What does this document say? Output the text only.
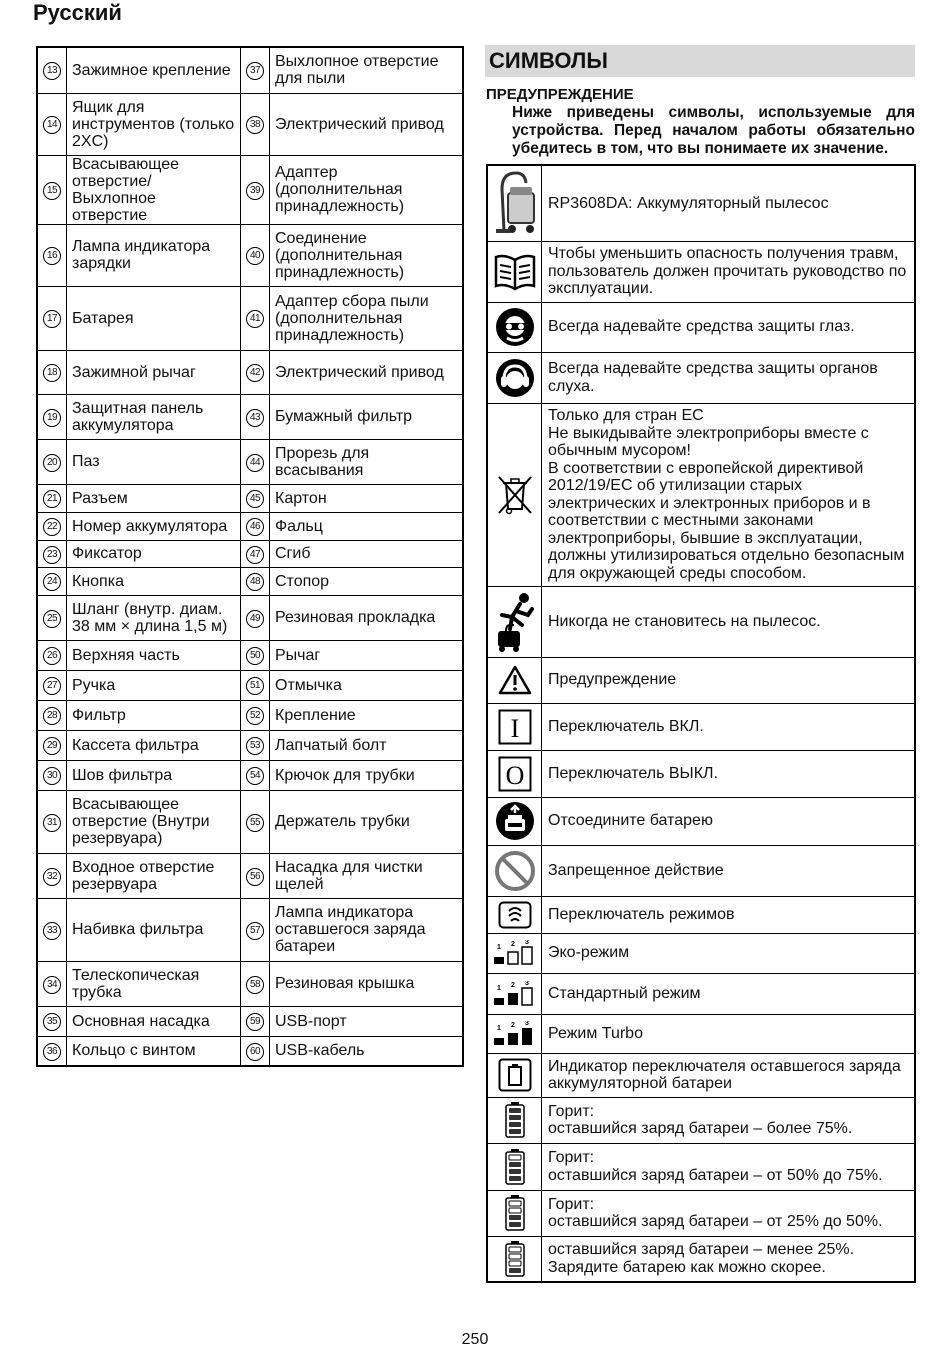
Русский
13	Зажимное крепление	37	Выхлопное отверстие для пыли
14	Ящик для инструментов (только 2XC)	38	Электрический привод
15	Всасывающее отверстие/ Выхлопное отверстие	39	Адаптер (дополнительная принадлежность)
16	Лампа индикатора зарядки	40	Соединение (дополнительная принадлежность)
17	Батарея	41	Адаптер сбора пыли (дополнительная принадлежность)
18	Зажимной рычаг	42	Электрический привод
19	Защитная панель аккумулятора	43	Бумажный фильтр
20	Паз	44	Прорезь для всасывания
21	Разъем	45	Картон
22	Номер аккумулятора	46	Фальц
23	Фиксатор	47	Сгиб
24	Кнопка	48	Стопор
25	Шланг (внутр. диам. 38 мм × длина 1,5 м)	49	Резиновая прокладка
26	Верхняя часть	50	Рычаг
27	Ручка	51	Отмычка
28	Фильтр	52	Крепление
29	Кассета фильтра	53	Лапчатый болт
30	Шов фильтра	54	Крючок для трубки
31	Всасывающее отверстие (Внутри резервуара)	55	Держатель трубки
32	Входное отверстие резервуара	56	Насадка для чистки щелей
33	Набивка фильтра	57	Лампа индикатора оставшегося заряда батареи
34	Телескопическая трубка	58	Резиновая крышка
35	Основная насадка	59	USB-порт
36	Кольцо с винтом	60	USB-кабель
СИМВОЛЫ
ПРЕДУПРЕЖДЕНИЕ
Ниже приведены символы, используемые для устройства. Перед началом работы обязательно убедитесь в том, что вы понимаете их значение.

RP3608DA: Аккумуляторный пылесос

Чтобы уменьшить опасность получения травм, пользователь должен прочитать руководство по эксплуатации.

Всегда надевайте средства защиты глаз.

Всегда надевайте средства защиты органов слуха.

Только для стран ЕС
Не выкидывайте электроприборы вместе с обычным мусором!
В соответствии с европейской директивой 2012/19/ЕС об утилизации старых электрических и электронных приборов и в соответствии с местными законами электроприборы, бывшие в эксплуатации, должны утилизироваться отдельно безопасным для окружающей среды способом.

Никогда не становитесь на пылесос.

Предупреждение

I	Переключатель ВКЛ.

O	Переключатель ВЫКЛ.

Отсоедините батарею

Запрещенное действие

Переключатель режимов

1 2 3	Эко-режим

1 2 3	Стандартный режим

1 2 3	Режим Turbo

Индикатор переключателя оставшегося заряда аккумуляторной батареи

Горит:
оставшийся заряд батареи – более 75%.

Горит:
оставшийся заряд батареи – от 50% до 75%.

Горит:
оставшийся заряд батареи – от 25% до 50%.

оставшийся заряд батареи – менее 25%.
Зарядите батарею как можно скорее.
250
